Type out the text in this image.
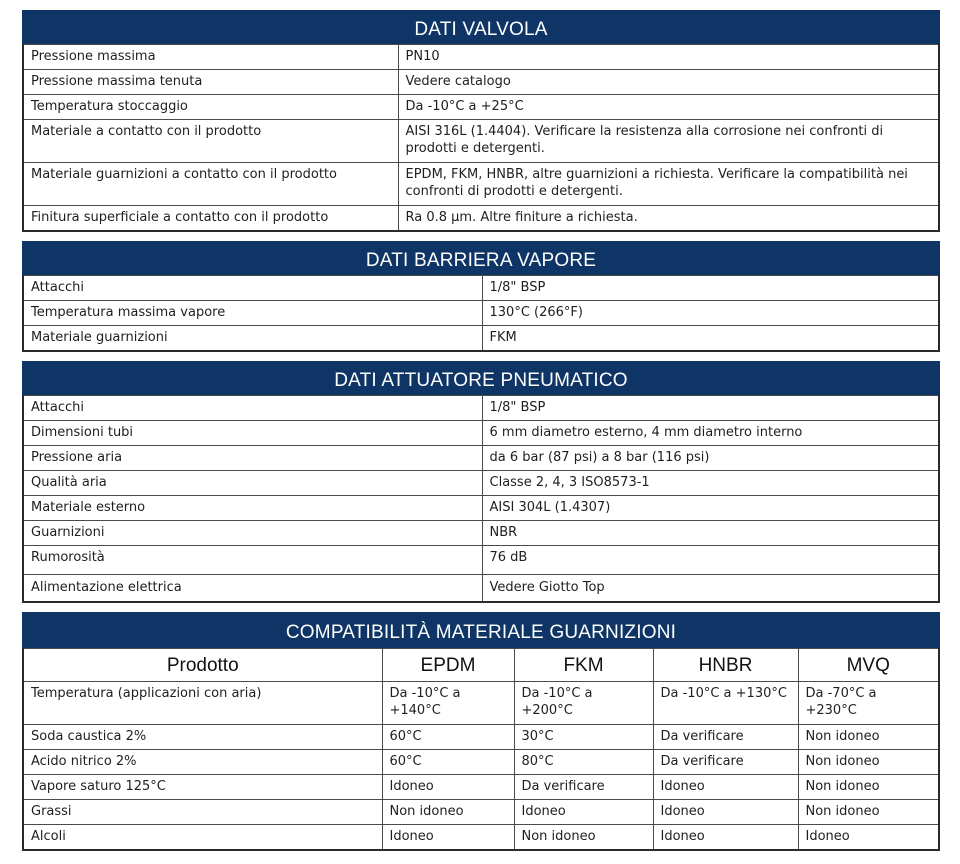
DATI VALVOLA
Pressione massima	PN10
Pressione massima tenuta	Vedere catalogo
Temperatura stoccaggio	Da -10°C a +25°C
Materiale a contatto con il prodotto	AISI 316L (1.4404). Verificare la resistenza alla corrosione nei confronti di prodotti e detergenti.
Materiale guarnizioni a contatto con il prodotto	EPDM, FKM, HNBR, altre guarnizioni a richiesta. Verificare la compatibilità nei confronti di prodotti e detergenti.
Finitura superficiale a contatto con il prodotto	Ra 0.8 µm. Altre finiture a richiesta.
DATI BARRIERA VAPORE
Attacchi	1/8" BSP
Temperatura massima vapore	130°C (266°F)
Materiale guarnizioni	FKM
DATI ATTUATORE PNEUMATICO
Attacchi	1/8" BSP
Dimensioni tubi	6 mm diametro esterno, 4 mm diametro interno
Pressione aria	da 6 bar (87 psi) a 8 bar (116 psi)
Qualità aria	Classe 2, 4, 3 ISO8573-1
Materiale esterno	AISI 304L (1.4307)
Guarnizioni	NBR
Rumorosità	76 dB
Alimentazione elettrica	Vedere Giotto Top
COMPATIBILITÀ MATERIALE GUARNIZIONI
Prodotto	EPDM	FKM	HNBR	MVQ
Temperatura (applicazioni con aria)	Da -10°C a +140°C	Da -10°C a +200°C	Da -10°C a +130°C	Da -70°C a +230°C
Soda caustica 2%	60°C	30°C	Da verificare	Non idoneo
Acido nitrico 2%	60°C	80°C	Da verificare	Non idoneo
Vapore saturo 125°C	Idoneo	Da verificare	Idoneo	Non idoneo
Grassi	Non idoneo	Idoneo	Idoneo	Non idoneo
Alcoli	Idoneo	Non idoneo	Idoneo	Idoneo
